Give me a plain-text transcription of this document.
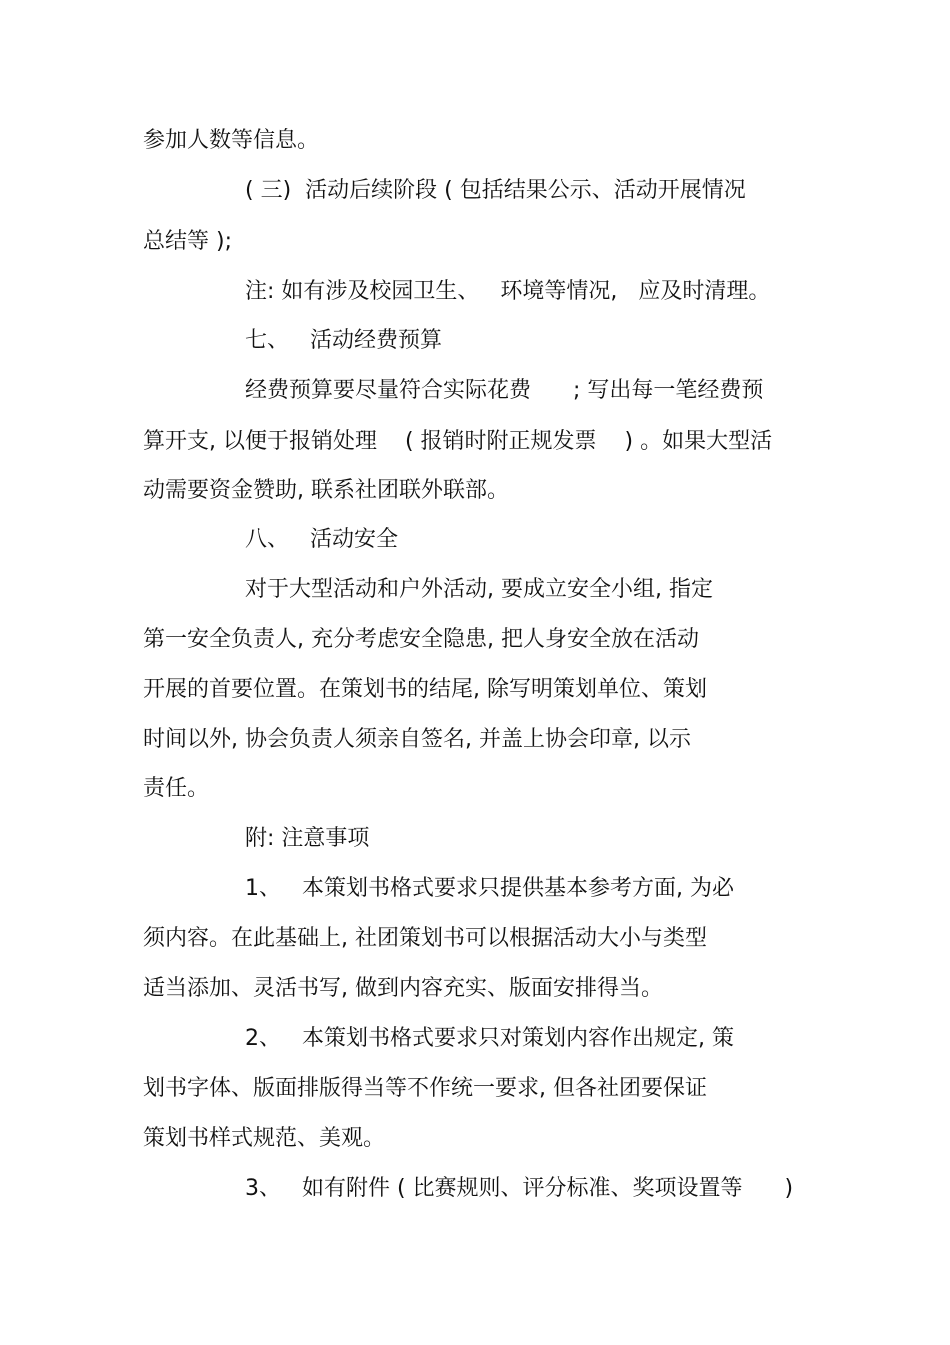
参加人数等信息。
( 三)  活动后续阶段 ( 包括结果公示、活动开展情况
总结等 );
注: 如有涉及校园卫生、   环境等情况,   应及时清理。
七、   活动经费预算
经费预算要尽量符合实际花费      ; 写出每一笔经费预
算开支, 以便于报销处理    ( 报销时附正规发票    ) 。如果大型活
动需要资金赞助, 联系社团联外联部。
八、   活动安全
对于大型活动和户外活动, 要成立安全小组, 指定
第一安全负责人, 充分考虑安全隐患, 把人身安全放在活动
开展的首要位置。在策划书的结尾, 除写明策划单位、策划
时间以外, 协会负责人须亲自签名, 并盖上协会印章, 以示
责任。
附: 注意事项
1、   本策划书格式要求只提供基本参考方面, 为必
须内容。在此基础上, 社团策划书可以根据活动大小与类型
适当添加、灵活书写, 做到内容充实、版面安排得当。
2、   本策划书格式要求只对策划内容作出规定, 策
划书字体、版面排版得当等不作统一要求, 但各社团要保证
策划书样式规范、美观。
3、   如有附件 ( 比赛规则、评分标准、奖项设置等      )
